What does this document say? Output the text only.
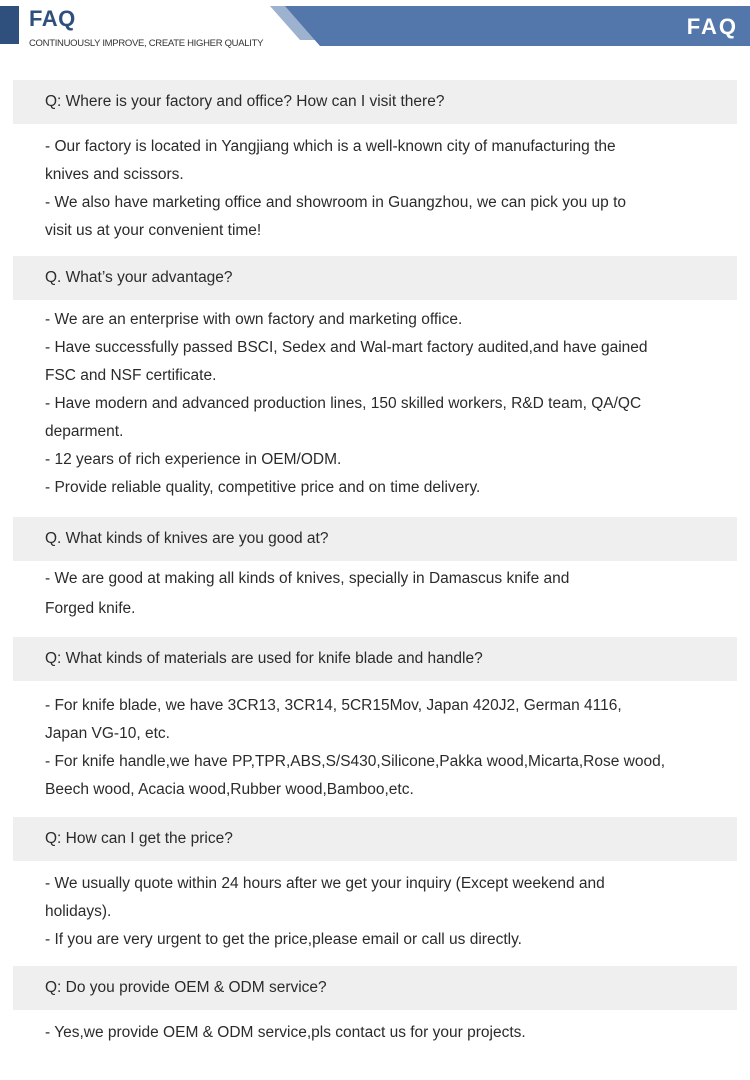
FAQ
CONTINUOUSLY IMPROVE, CREATE HIGHER QUALITY
FAQ
Q: Where is your factory and office? How can I visit there?
- Our factory is located in Yangjiang which is a well-known city of manufacturing the
knives and scissors.
- We also have marketing office and showroom in Guangzhou, we can pick you up to
visit us at your convenient time!
Q. What’s your advantage?
- We are an enterprise with own factory and marketing office.
- Have successfully passed BSCI, Sedex and Wal-mart factory audited,and have gained
FSC and NSF certificate.
- Have modern and advanced production lines, 150 skilled workers, R&D team, QA/QC
deparment.
- 12 years of rich experience in OEM/ODM.
- Provide reliable quality, competitive price and on time delivery.
Q. What kinds of knives are you good at?
- We are good at making all kinds of knives, specially in Damascus knife and
Forged knife.
Q: What kinds of materials are used for knife blade and handle?
- For knife blade, we have 3CR13, 3CR14, 5CR15Mov, Japan 420J2, German 4116,
Japan VG-10, etc.
- For knife handle,we have PP,TPR,ABS,S/S430,Silicone,Pakka wood,Micarta,Rose wood,
Beech wood, Acacia wood,Rubber wood,Bamboo,etc.
Q: How can I get the price?
- We usually quote within 24 hours after we get your inquiry (Except weekend and
holidays).
- If you are very urgent to get the price,please email or call us directly.
Q: Do you provide OEM & ODM service?
- Yes,we provide OEM & ODM service,pls contact us for your projects.
